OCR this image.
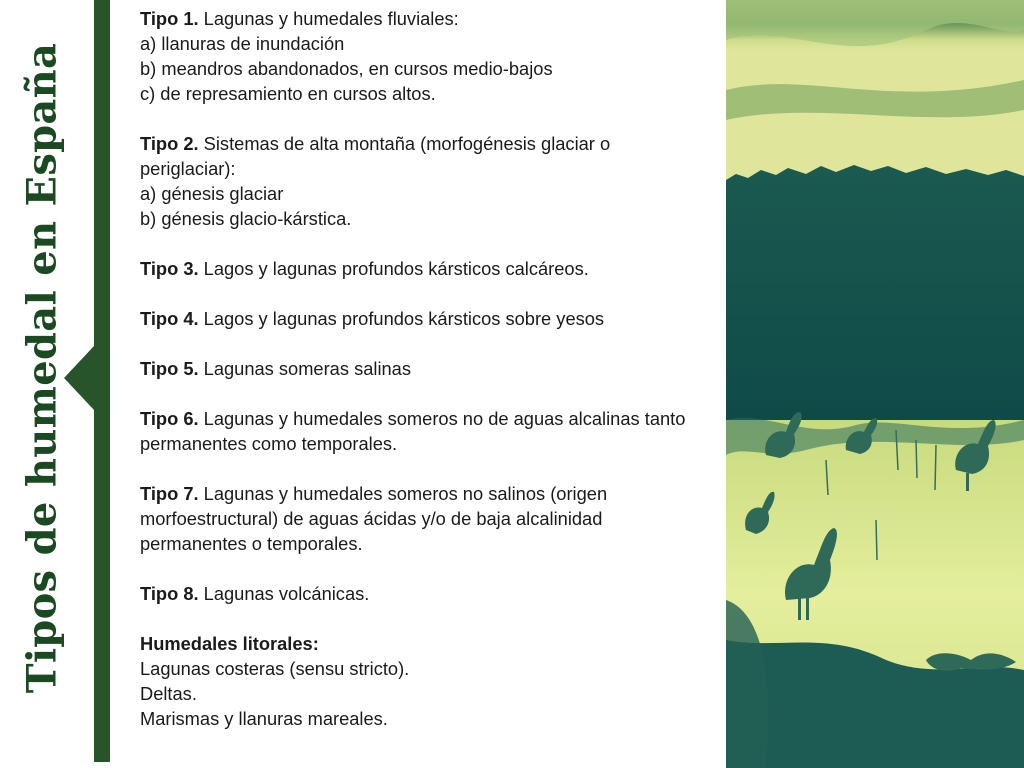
Tipos de humedal en España
Tipo 1. Lagunas y humedales fluviales:
a) llanuras de inundación
b) meandros abandonados, en cursos medio-bajos
c) de represamiento en cursos altos.
Tipo 2. Sistemas de alta montaña (morfogénesis glaciar o periglaciar):
a) génesis glaciar
b) génesis glacio-kárstica.
Tipo 3. Lagos y lagunas profundos kársticos calcáreos.
Tipo 4. Lagos y lagunas profundos kársticos sobre yesos
Tipo 5. Lagunas someras salinas
Tipo 6. Lagunas y humedales someros no de aguas alcalinas tanto permanentes como temporales.
Tipo 7. Lagunas y humedales someros no salinos (origen morfoestructural) de aguas ácidas y/o de baja alcalinidad permanentes o temporales.
Tipo 8. Lagunas volcánicas.
Humedales litorales:
Lagunas costeras (sensu stricto).
Deltas.
Marismas y llanuras mareales.
